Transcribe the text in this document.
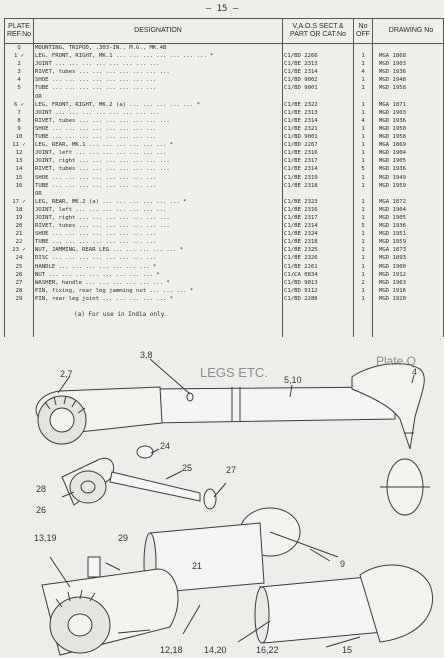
— 15 —
PLATE REF.No	DESIGNATION	V.A.O.S SECT.& PART OR CAT.No	No OFF	DRAWING No
Q	MOUNTING, TRIPOD, .303-IN., M.G., MK.4B			
1 ✓	LEG, FRONT, RIGHT, MK.1 ... ... ... ... ... ... ... *	C1/BD 2266	1	MGA 1868
2	JOINT ... ... ... ... ... ... ... ...	C1/BE 2313	1	MGD 1903
3	RIVET, tubes ... ... ... ... ... ... ...	C1/BE 2314	4	MGD 1936
4	SHOE ... ... ... ... ... ... ... ...	C1/BD 9002	1	MGD 1948
5	TUBE ... ... ... ... ... ... ... ...	C1/BD 9001	1	MGD 1958
	OR			
6 ✓	LEG, FRONT, RIGHT, MK.2 (a) ... ... ... ... ... *	C1/BE 2322	1	MGA 1871
7	JOINT ... ... ... ... ... ... ... ...	C1/BE 2313	1	MGD 1903
8	RIVET, tubes ... ... ... ... ... ... ...	C1/BE 2314	4	MGD 1936
9	SHOE ... ... ... ... ... ... ... ...	C1/BE 2321	1	MGD 1950
10	TUBE ... ... ... ... ... ... ... ...	C1/BD 9001	1	MGD 1958
11 ✓	LEG, REAR, MK.1 ... ... ... ... ... ... *	C1/BD 2267	1	MGA 1869
12	JOINT, left ... ... ... ... ... ... ...	C1/BE 2316	1	MGD 1904
13	JOINT, right ... ... ... ... ... ... ...	C1/BE 2317	1	MGD 1905
14	RIVET, tubes ... ... ... ... ... ... ...	C1/BE 2314	5	MGD 1936
15	SHOE ... ... ... ... ... ... ... ...	C1/BE 2319	1	MGD 1949
16	TUBE ... ... ... ... ... ... ... ...	C1/BE 2318	1	MGD 1959
	OR			
17 ✓	LEG, REAR, MK.2 (a) ... ... ... ... ... ... *	C1/BE 2323	1	MGA 1872
18	JOINT, left ... ... ... ... ... ... ...	C1/BE 2316	1	MGD 1904
19	JOINT, right ... ... ... ... ... ... ...	C1/BE 2317	1	MGD 1905
20	RIVET, tubes ... ... ... ... ... ... ...	C1/BE 2314	5	MGD 1936
21	SHOE ... ... ... ... ... ... ... ...	C1/BE 2324	1	MGD 1951
22	TUBE ... ... ... ... ... ... ... ...	C1/BE 2318	1	MGD 1959
23 ✓	NUT, JAMMING, REAR LEG ... ... ... ... ... *	C1/BE 2325	1	MGA 1873
24	DISC ... ... ... ... ... ... ... ...	C1/BE 2326	1	MGD 1893
25	HANDLE ... ... ... ... ... ... ... *	C1/BE 2261	1	MGD 1900
26	NUT ... ... ... ... ... ... ... ... *	C1/CA 0834	1	MGD 1912
27	WASHER, handle ... ... ... ... ... ... *	C1/BD 9013	2	MGD 1963
28	PIN, fixing, rear leg jamming nut ... ... ... *	C1/BD 9112	1	MGD 1916
29	PIN, rear leg joint ... ... ... ... ... *	C1/BD 2286	1	MGD 1920
	(a) For use in India only.			
LEGS ETC.
Plate Q
2,7
3,8
5,10
4
24
25	27
28
26
9
13,19	29
21
12,18 14,20	16,22	15
